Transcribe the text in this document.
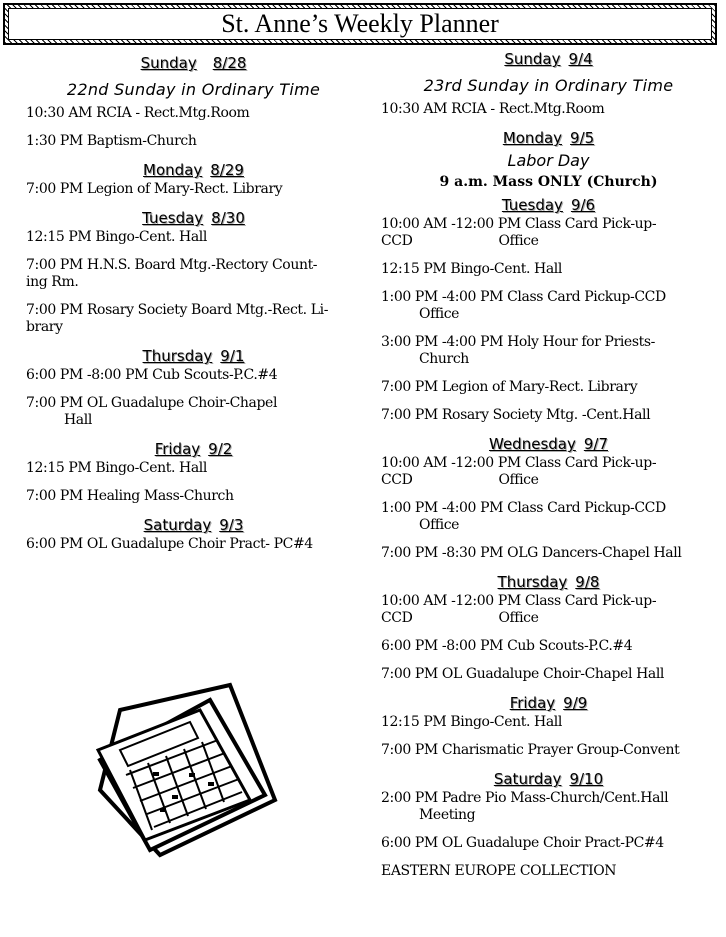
St. Anne’s Weekly Planner
Sunday 8/28
22nd Sunday in Ordinary Time
10:30 AM RCIA - Rect.Mtg.Room
1:30 PM Baptism-Church
Monday 8/29
7:00 PM Legion of Mary-Rect. Library
Tuesday 8/30
12:15 PM Bingo-Cent. Hall
7:00 PM H.N.S. Board Mtg.-Rectory Count-
ing Rm.
7:00 PM Rosary Society Board Mtg.-Rect. Li-
brary
Thursday 9/1
6:00 PM -8:00 PM Cub Scouts-P.C.#4
7:00 PM OL Guadalupe Choir-Chapel
Hall
Friday 9/2
12:15 PM Bingo-Cent. Hall
7:00 PM Healing Mass-Church
Saturday 9/3
6:00 PM OL Guadalupe Choir Pract- PC#4
Sunday 9/4
23rd Sunday in Ordinary Time
10:30 AM RCIA - Rect.Mtg.Room
Monday 9/5
Labor Day
9 a.m. Mass ONLY (Church)
Tuesday 9/6
10:00 AM -12:00 PM Class Card Pick-up-
CCD	Office
12:15 PM Bingo-Cent. Hall
1:00 PM -4:00 PM Class Card Pickup-CCD
Office
3:00 PM -4:00 PM Holy Hour for Priests-
Church
7:00 PM Legion of Mary-Rect. Library
7:00 PM Rosary Society Mtg. -Cent.Hall
Wednesday 9/7
10:00 AM -12:00 PM Class Card Pick-up-
CCD	Office
1:00 PM -4:00 PM Class Card Pickup-CCD
Office
7:00 PM -8:30 PM OLG Dancers-Chapel Hall
Thursday 9/8
10:00 AM -12:00 PM Class Card Pick-up-
CCD	Office
6:00 PM -8:00 PM Cub Scouts-P.C.#4
7:00 PM OL Guadalupe Choir-Chapel Hall
Friday 9/9
12:15 PM Bingo-Cent. Hall
7:00 PM Charismatic Prayer Group-Convent
Saturday 9/10
2:00 PM Padre Pio Mass-Church/Cent.Hall
Meeting
6:00 PM OL Guadalupe Choir Pract-PC#4
EASTERN EUROPE COLLECTION
